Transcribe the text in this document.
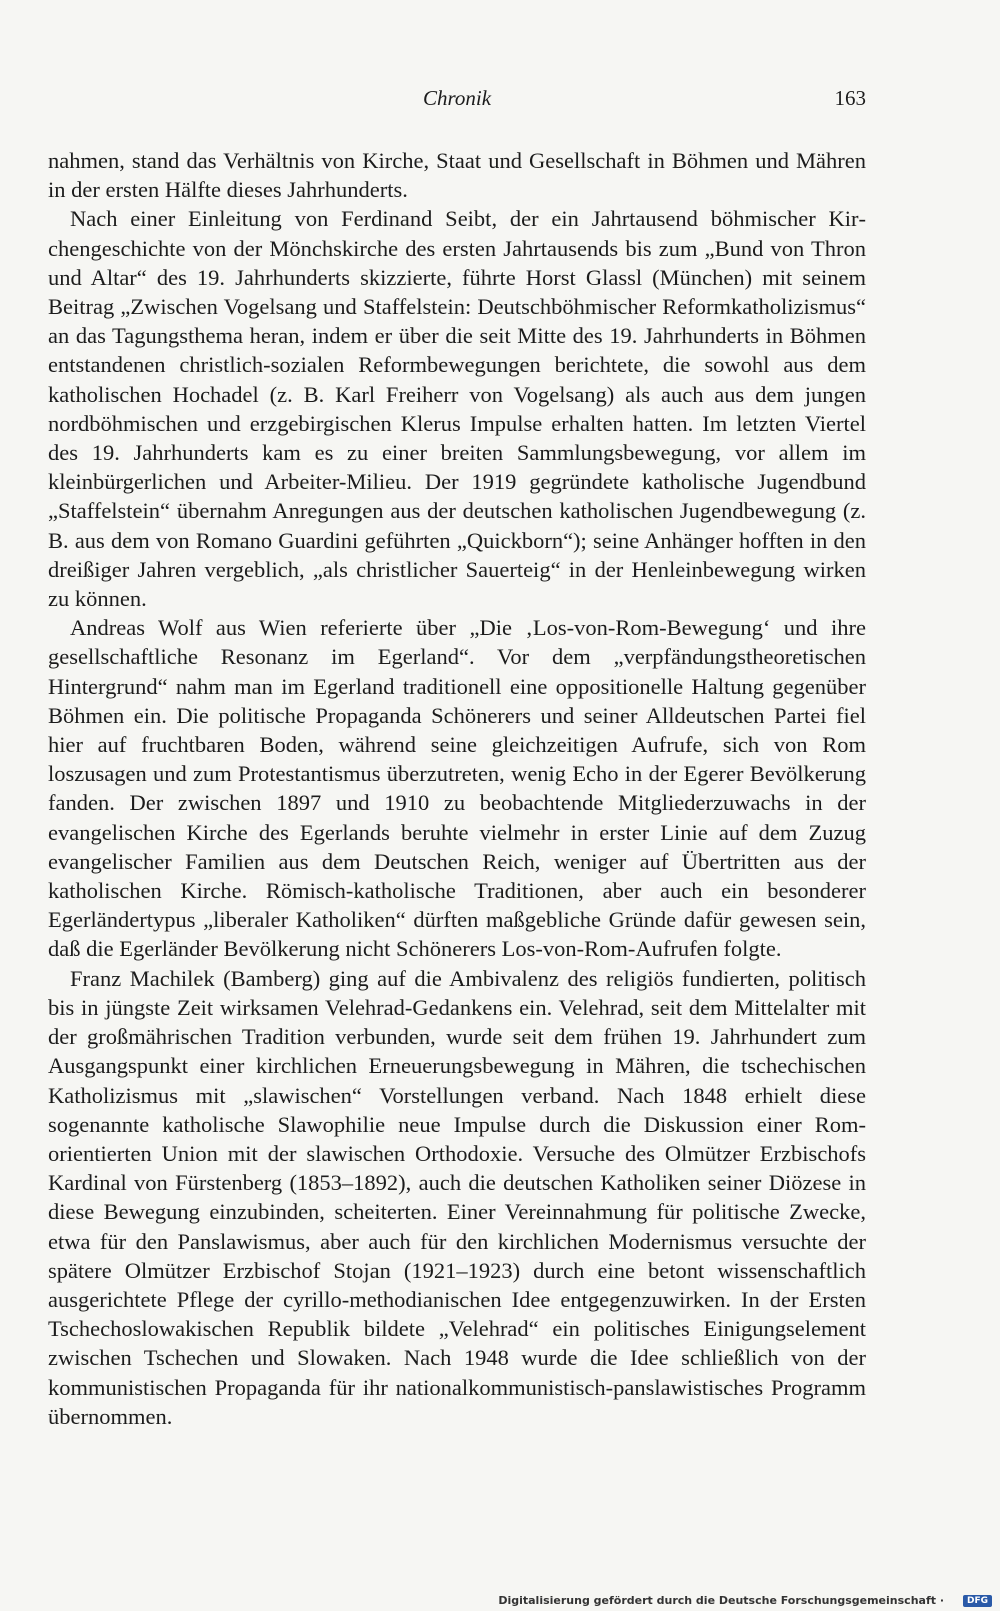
Chronik	163

nahmen, stand das Verhältnis von Kirche, Staat und Gesellschaft in Böhmen und Mähren in der ersten Hälfte dieses Jahrhunderts.

Nach einer Einleitung von Ferdinand Seibt, der ein Jahrtausend böhmischer Kirchengeschichte von der Mönchskirche des ersten Jahrtausends bis zum „Bund von Thron und Altar“ des 19. Jahrhunderts skizzierte, führte Horst Glassl (München) mit seinem Beitrag „Zwischen Vogelsang und Staffelstein: Deutschböhmischer Reformkatholizismus“ an das Tagungsthema heran, indem er über die seit Mitte des 19. Jahrhunderts in Böhmen entstandenen christlich-sozialen Reformbewegungen berichtete, die sowohl aus dem katholischen Hochadel (z. B. Karl Freiherr von Vogelsang) als auch aus dem jungen nordböhmischen und erzgebirgischen Klerus Impulse erhalten hatten. Im letzten Viertel des 19. Jahrhunderts kam es zu einer breiten Sammlungsbewegung, vor allem im kleinbürgerlichen und Arbeiter-Milieu. Der 1919 gegründete katholische Jugendbund „Staffelstein“ übernahm Anregungen aus der deutschen katholischen Jugendbewegung (z. B. aus dem von Romano Guardini geführten „Quickborn“); seine Anhänger hofften in den dreißiger Jahren vergeblich, „als christlicher Sauerteig“ in der Henleinbewegung wirken zu können.

Andreas Wolf aus Wien referierte über „Die ‚Los-von-Rom-Bewegung‘ und ihre gesellschaftliche Resonanz im Egerland“. Vor dem „verpfändungstheoretischen Hintergrund“ nahm man im Egerland traditionell eine oppositionelle Haltung gegenüber Böhmen ein. Die politische Propaganda Schönerers und seiner Alldeutschen Partei fiel hier auf fruchtbaren Boden, während seine gleichzeitigen Aufrufe, sich von Rom loszusagen und zum Protestantismus überzutreten, wenig Echo in der Egerer Bevölkerung fanden. Der zwischen 1897 und 1910 zu beobachtende Mitgliederzuwachs in der evangelischen Kirche des Egerlands beruhte vielmehr in erster Linie auf dem Zuzug evangelischer Familien aus dem Deutschen Reich, weniger auf Übertritten aus der katholischen Kirche. Römisch-katholische Traditionen, aber auch ein besonderer Egerländertypus „liberaler Katholiken“ dürften maßgebliche Gründe dafür gewesen sein, daß die Egerländer Bevölkerung nicht Schönerers Los-von-Rom-Aufrufen folgte.

Franz Machilek (Bamberg) ging auf die Ambivalenz des religiös fundierten, politisch bis in jüngste Zeit wirksamen Velehrad-Gedankens ein. Velehrad, seit dem Mittelalter mit der großmährischen Tradition verbunden, wurde seit dem frühen 19. Jahrhundert zum Ausgangspunkt einer kirchlichen Erneuerungsbewegung in Mähren, die tschechischen Katholizismus mit „slawischen“ Vorstellungen verband. Nach 1848 erhielt diese sogenannte katholische Slawophilie neue Impulse durch die Diskussion einer Rom-orientierten Union mit der slawischen Orthodoxie. Versuche des Olmützer Erzbischofs Kardinal von Fürstenberg (1853–1892), auch die deutschen Katholiken seiner Diözese in diese Bewegung einzubinden, scheiterten. Einer Vereinnahmung für politische Zwecke, etwa für den Panslawismus, aber auch für den kirchlichen Modernismus versuchte der spätere Olmützer Erzbischof Stojan (1921–1923) durch eine betont wissenschaftlich ausgerichtete Pflege der cyrillo-methodianischen Idee entgegenzuwirken. In der Ersten Tschechoslowakischen Republik bildete „Velehrad“ ein politisches Einigungselement zwischen Tschechen und Slowaken. Nach 1948 wurde die Idee schließlich von der kommunistischen Propaganda für ihr nationalkommunistisch-panslawistisches Programm übernommen.

Digitalisierung gefördert durch die Deutsche Forschungsgemeinschaft ·	DFG
